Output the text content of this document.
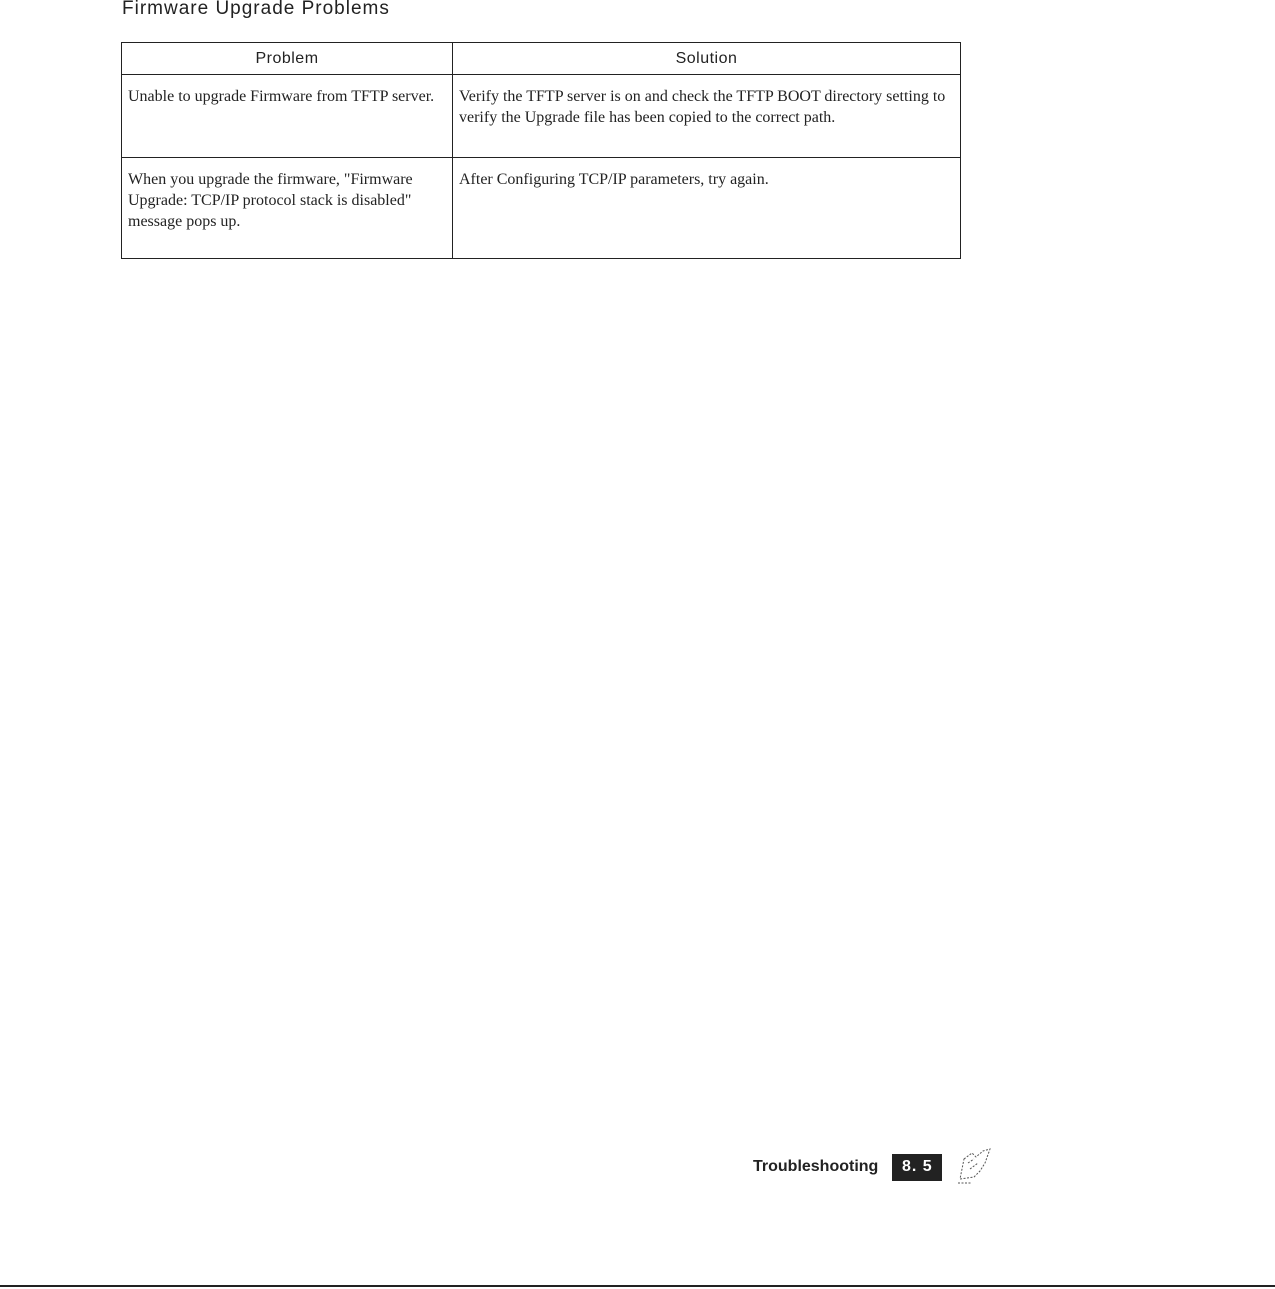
Firmware Upgrade Problems
Problem	Solution
Unable to upgrade Firmware from TFTP server.	Verify the TFTP server is on and check the TFTP BOOT directory setting to verify the Upgrade file has been copied to the correct path.
When you upgrade the firmware, "Firmware Upgrade: TCP/IP protocol stack is disabled" message pops up.	After Configuring TCP/IP parameters, try again.
Troubleshooting	8. 5
